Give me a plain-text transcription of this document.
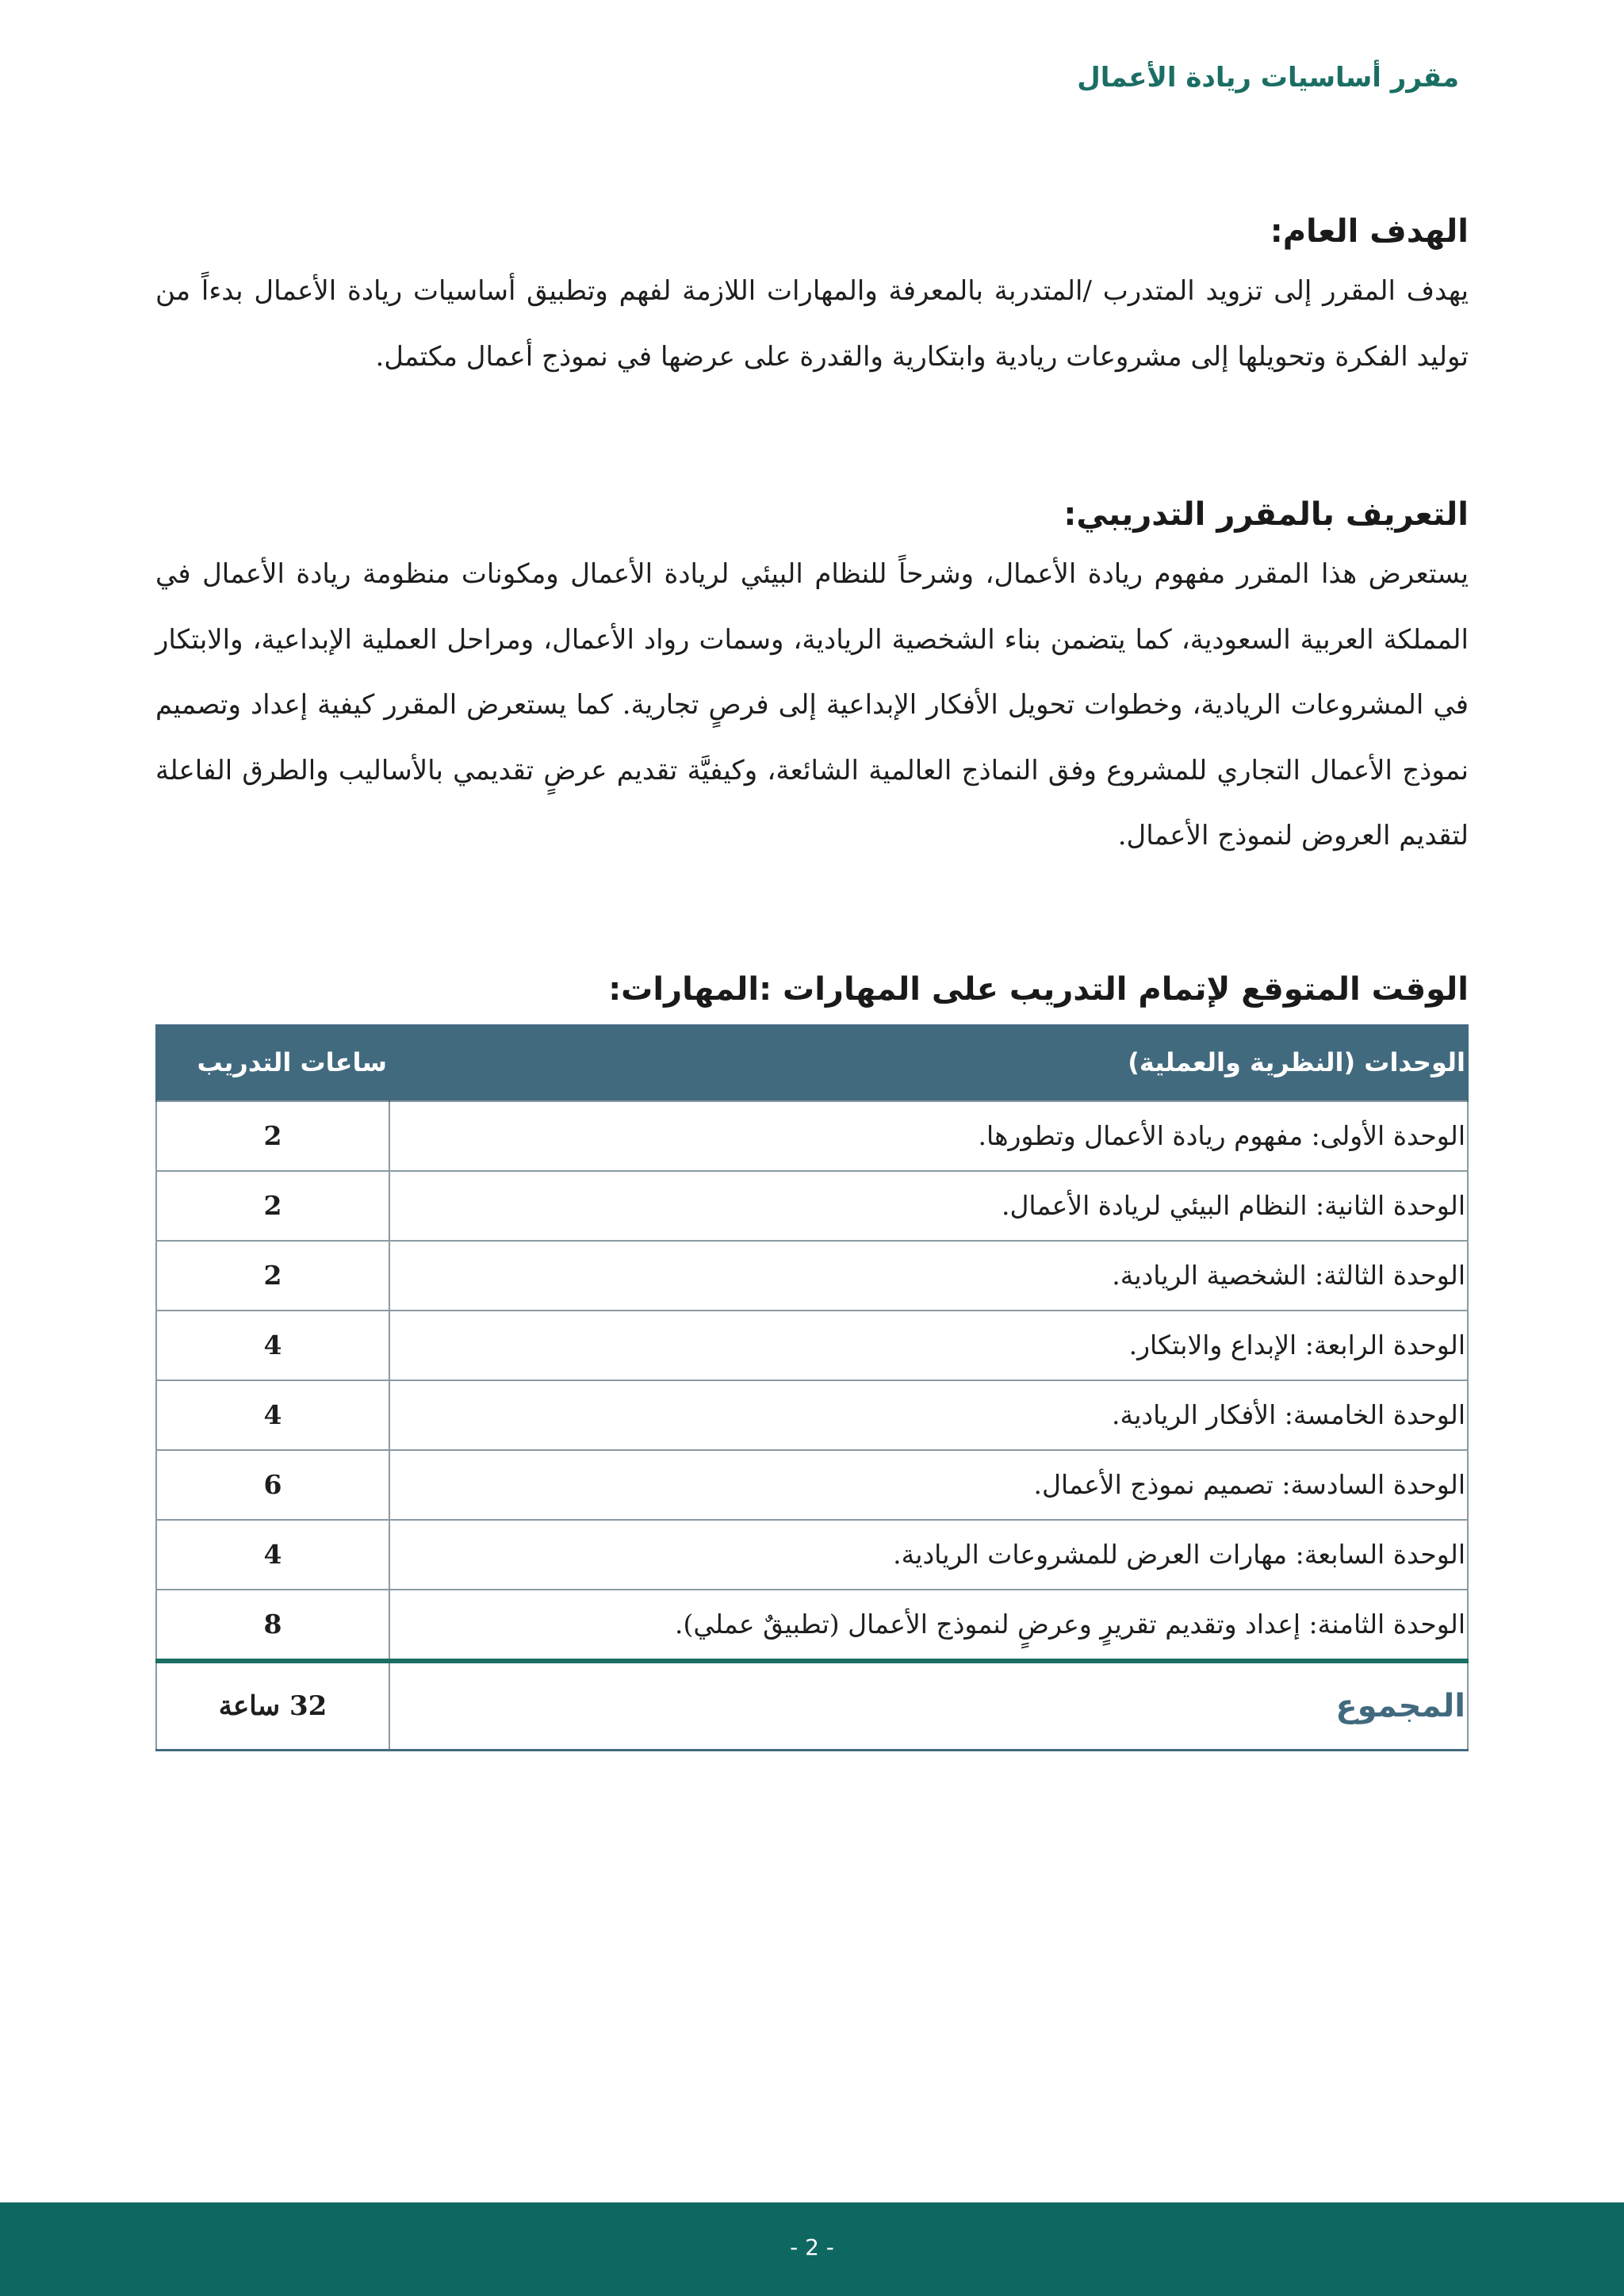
مقرر أساسيات ريادة الأعمال
الهدف العام:

يهدف المقرر إلى تزويد المتدرب /المتدربة بالمعرفة والمهارات اللازمة لفهم وتطبيق أساسيات ريادة الأعمال بدءاً من توليد الفكرة وتحويلها إلى مشروعات ريادية وابتكارية والقدرة على عرضها في نموذج أعمال مكتمل.

التعريف بالمقرر التدريبي:

يستعرض هذا المقرر مفهوم ريادة الأعمال، وشرحاً للنظام البيئي لريادة الأعمال ومكونات منظومة ريادة الأعمال في المملكة العربية السعودية، كما يتضمن بناء الشخصية الريادية، وسمات رواد الأعمال، ومراحل العملية الإبداعية، والابتكار في المشروعات الريادية، وخطوات تحويل الأفكار الإبداعية إلى فرصٍ تجارية. كما يستعرض المقرر كيفية إعداد وتصميم نموذج الأعمال التجاري للمشروع وفق النماذج العالمية الشائعة، وكيفيَّة تقديم عرضٍ تقديمي بالأساليب والطرق الفاعلة لتقديم العروض لنموذج الأعمال.

الوقت المتوقع لإتمام التدريب على المهارات :المهارات:
الوحدات (النظرية والعملية)	ساعات التدريب
الوحدة الأولى: مفهوم ريادة الأعمال وتطورها.	2
الوحدة الثانية: النظام البيئي لريادة الأعمال.	2
الوحدة الثالثة: الشخصية الريادية.	2
الوحدة الرابعة: الإبداع والابتكار.	4
الوحدة الخامسة: الأفكار الريادية.	4
الوحدة السادسة: تصميم نموذج الأعمال.	6
الوحدة السابعة: مهارات العرض للمشروعات الريادية.	4
الوحدة الثامنة: إعداد وتقديم تقريرٍ وعرضٍ لنموذج الأعمال (تطبيقٌ عملي).	8
المجموع	32 ساعة
- 2 -
